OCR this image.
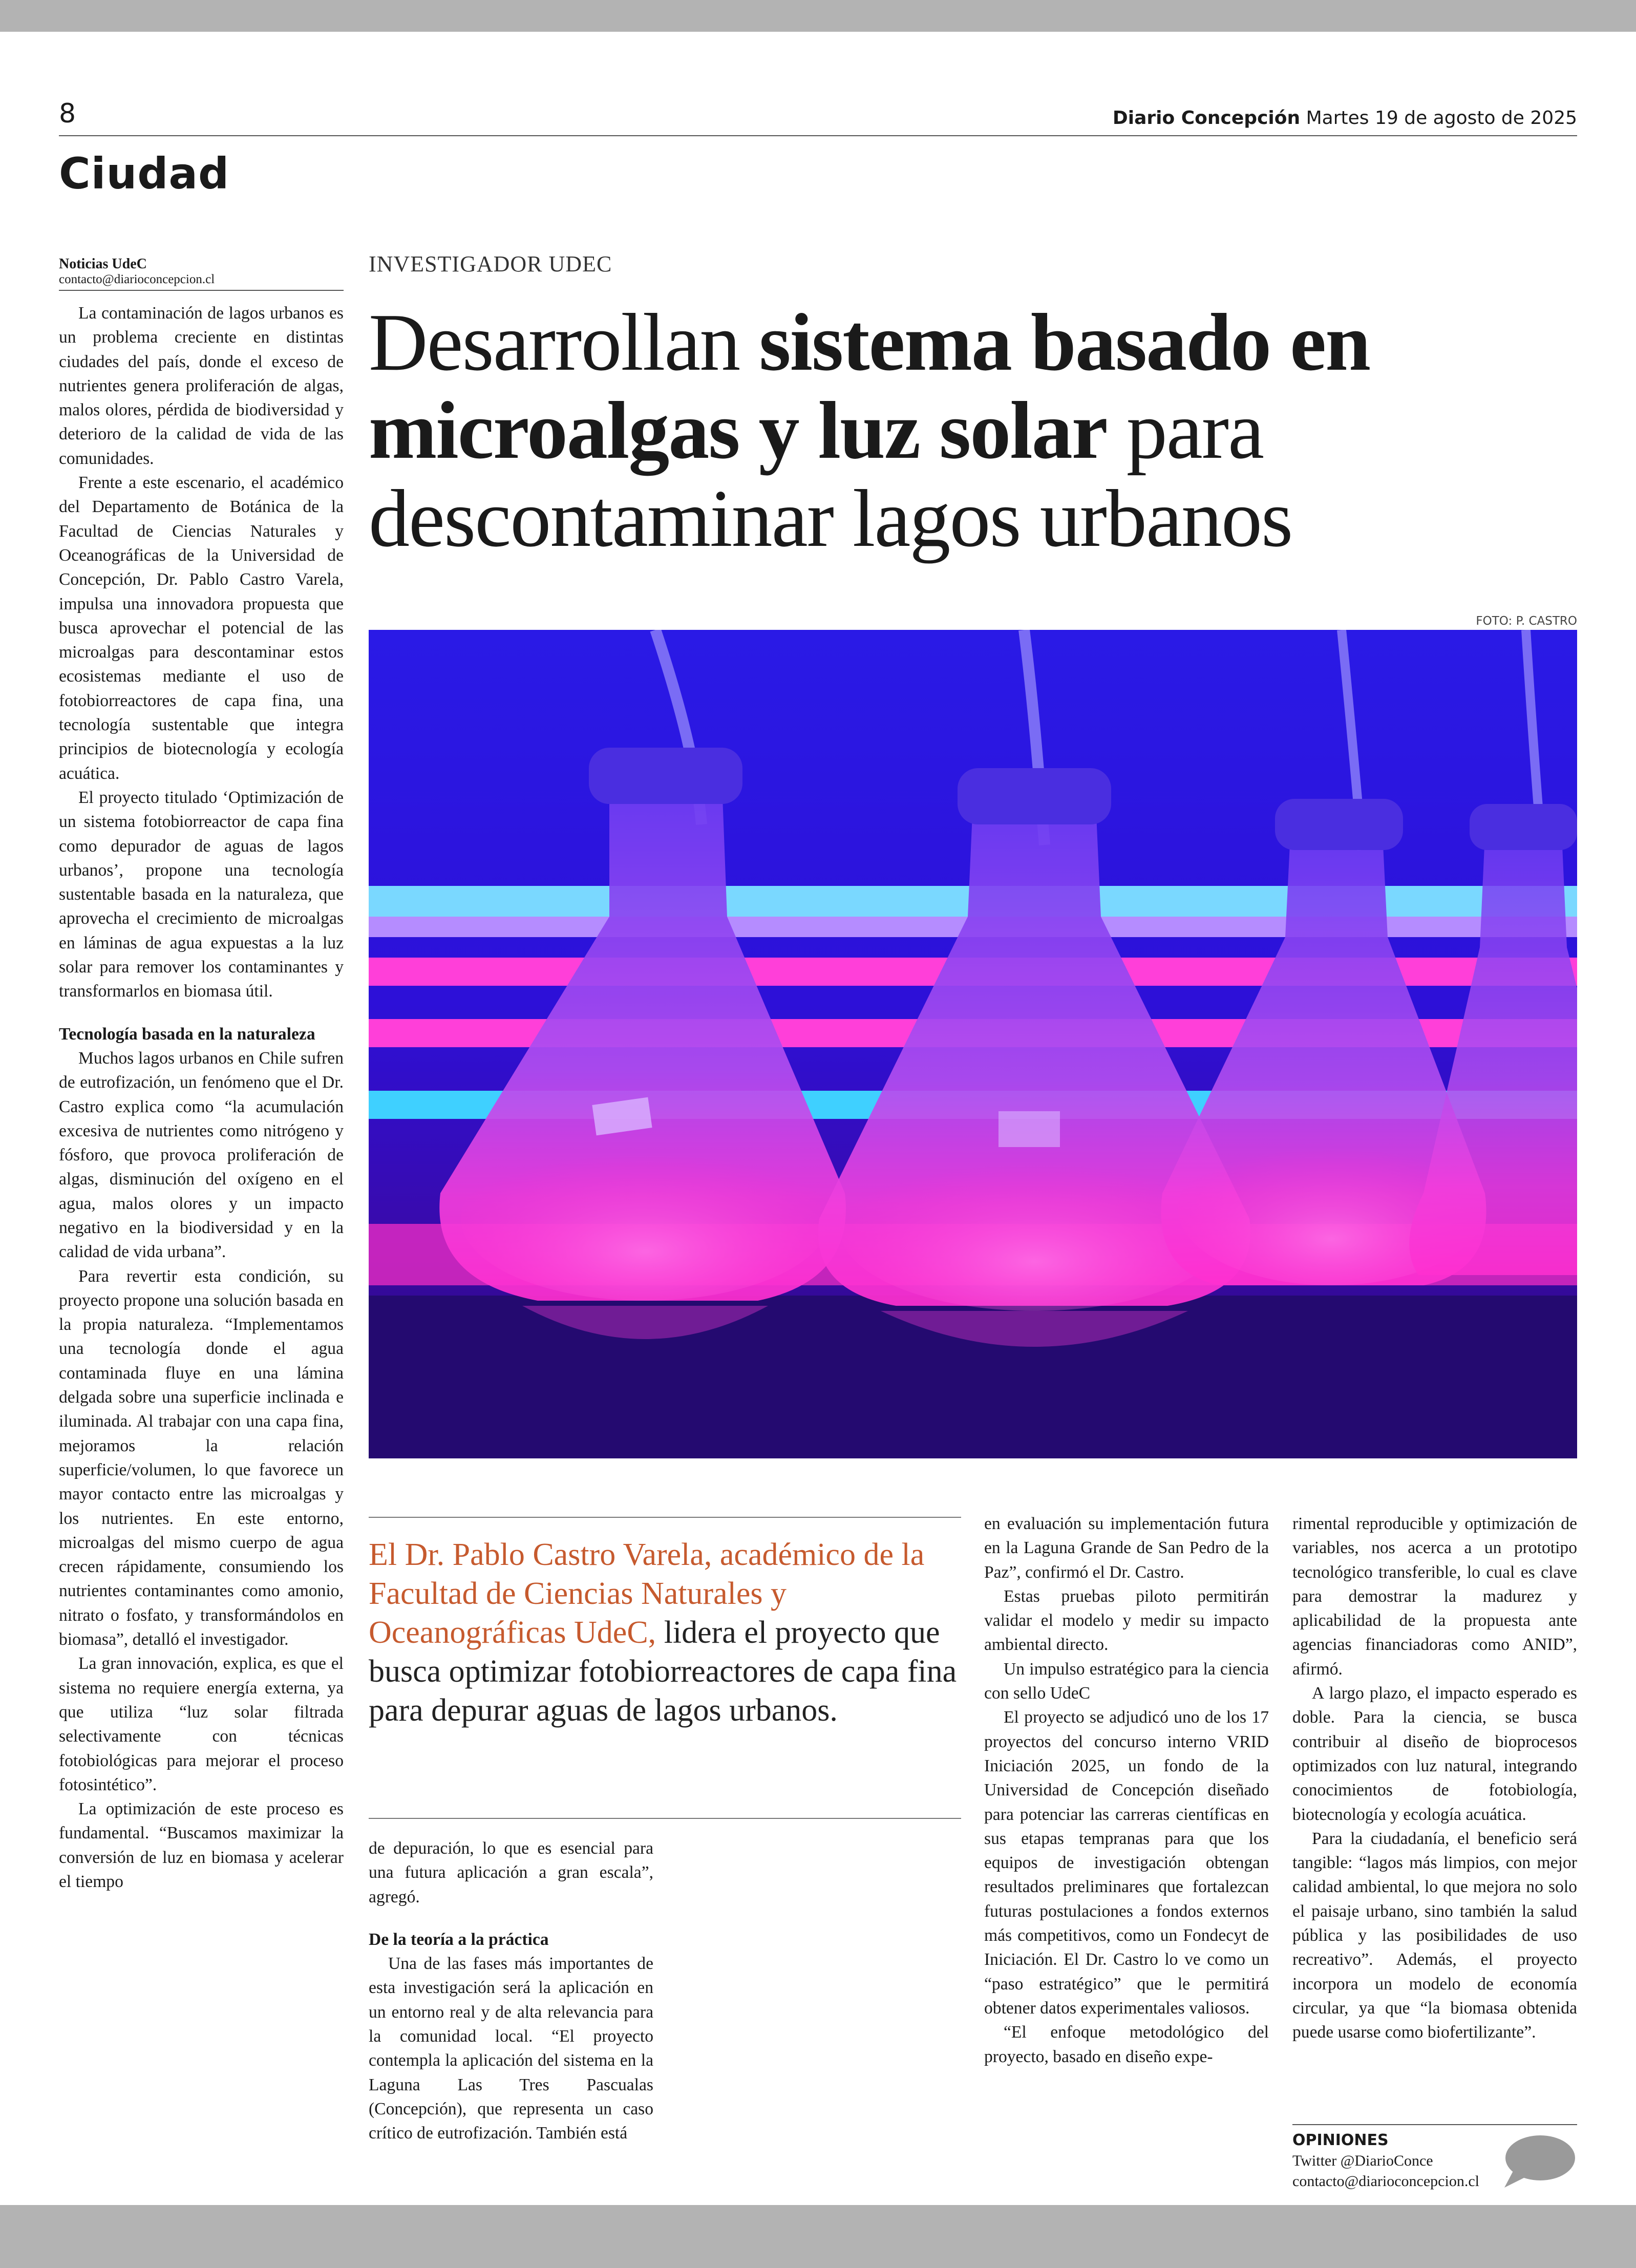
8	Diario Concepción Martes 19 de agosto de 2025
Ciudad
Noticias UdeC
contacto@diarioconcepcion.cl

La contaminación de lagos urbanos es un problema creciente en distintas ciudades del país, donde el exceso de nutrientes genera proliferación de algas, malos olores, pérdida de biodiversidad y deterioro de la calidad de vida de las comunidades.

Frente a este escenario, el académico del Departamento de Botánica de la Facultad de Ciencias Naturales y Oceanográficas de la Universidad de Concepción, Dr. Pablo Castro Varela, impulsa una innovadora propuesta que busca aprovechar el potencial de las microalgas para descontaminar estos ecosistemas mediante el uso de fotobiorreactores de capa fina, una tecnología sustentable que integra principios de biotecnología y ecología acuática.

El proyecto titulado ‘Optimización de un sistema fotobiorreactor de capa fina como depurador de aguas de lagos urbanos’, propone una tecnología sustentable basada en la naturaleza, que aprovecha el crecimiento de microalgas en láminas de agua expuestas a la luz solar para remover los contaminantes y transformarlos en biomasa útil.

Tecnología basada en la naturaleza

Muchos lagos urbanos en Chile sufren de eutrofización, un fenómeno que el Dr. Castro explica como “la acumulación excesiva de nutrientes como nitrógeno y fósforo, que provoca proliferación de algas, disminución del oxígeno en el agua, malos olores y un impacto negativo en la biodiversidad y en la calidad de vida urbana”.

Para revertir esta condición, su proyecto propone una solución basada en la propia naturaleza. “Implementamos una tecnología donde el agua contaminada fluye en una lámina delgada sobre una superficie inclinada e iluminada. Al trabajar con una capa fina, mejoramos la relación superficie/volumen, lo que favorece un mayor contacto entre las microalgas y los nutrientes. En este entorno, microalgas del mismo cuerpo de agua crecen rápidamente, consumiendo los nutrientes contaminantes como amonio, nitrato o fosfato, y transformándolos en biomasa”, detalló el investigador.

La gran innovación, explica, es que el sistema no requiere energía externa, ya que utiliza “luz solar filtrada selectivamente con técnicas fotobiológicas para mejorar el proceso fotosintético”.

La optimización de este proceso es fundamental. “Buscamos maximizar la conversión de luz en biomasa y acelerar el tiempo

INVESTIGADOR UDEC
Desarrollan sistema basado en microalgas y luz solar para descontaminar lagos urbanos
FOTO: P. CASTRO
El Dr. Pablo Castro Varela, académico de la Facultad de Ciencias Naturales y Oceanográficas UdeC, lidera el proyecto que busca optimizar fotobiorreactores de capa fina para depurar aguas de lagos urbanos.

de depuración, lo que es esencial para una futura aplicación a gran escala”, agregó.

De la teoría a la práctica

Una de las fases más importantes de esta investigación será la aplicación en un entorno real y de alta relevancia para la comunidad local. “El proyecto contempla la aplicación del sistema en la Laguna Las Tres Pascualas (Concepción), que representa un caso crítico de eutrofización. También está

en evaluación su implementación futura en la Laguna Grande de San Pedro de la Paz”, confirmó el Dr. Castro.

Estas pruebas piloto permitirán validar el modelo y medir su impacto ambiental directo.

Un impulso estratégico para la ciencia con sello UdeC

El proyecto se adjudicó uno de los 17 proyectos del concurso interno VRID Iniciación 2025, un fondo de la Universidad de Concepción diseñado para potenciar las carreras científicas en sus etapas tempranas para que los equipos de investigación obtengan resultados preliminares que fortalezcan futuras postulaciones a fondos externos más competitivos, como un Fondecyt de Iniciación. El Dr. Castro lo ve como un “paso estratégico” que le permitirá obtener datos experimentales valiosos.

“El enfoque metodológico del proyecto, basado en diseño expe-

rimental reproducible y optimización de variables, nos acerca a un prototipo tecnológico transferible, lo cual es clave para demostrar la madurez y aplicabilidad de la propuesta ante agencias financiadoras como ANID”, afirmó.

A largo plazo, el impacto esperado es doble. Para la ciencia, se busca contribuir al diseño de bioprocesos optimizados con luz natural, integrando conocimientos de fotobiología, biotecnología y ecología acuática.

Para la ciudadanía, el beneficio será tangible: “lagos más limpios, con mejor calidad ambiental, lo que mejora no solo el paisaje urbano, sino también la salud pública y las posibilidades de uso recreativo”. Además, el proyecto incorpora un modelo de economía circular, ya que “la biomasa obtenida puede usarse como biofertilizante”.

OPINIONES
Twitter @DiarioConce
contacto@diarioconcepcion.cl
